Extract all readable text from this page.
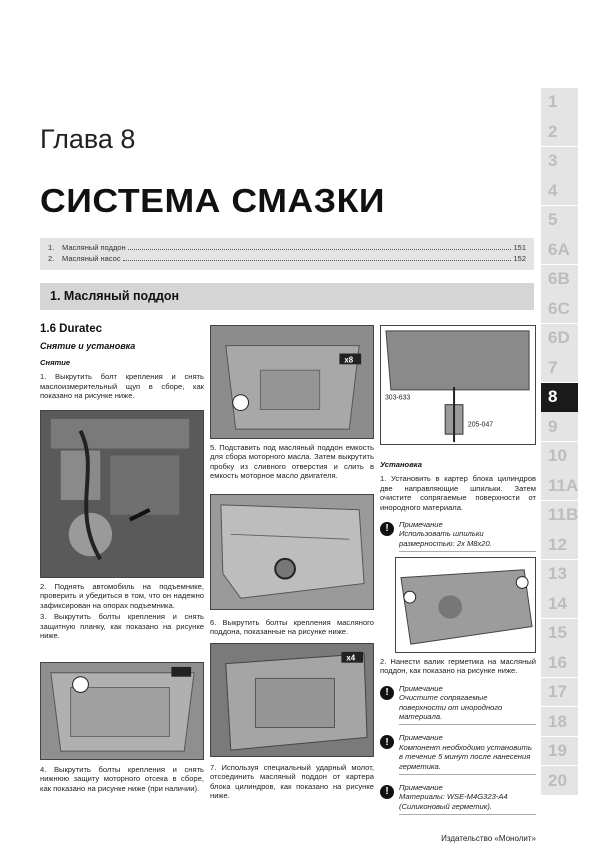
Глава 8
СИСТЕМА СМАЗКИ
1.	Масляный поддон	151
2.	Масляный насос	152
1. Масляный поддон
1.6 Duratec
Снятие и установка
Снятие
1. Выкрутить болт крепления и снять маслоизмерительный щуп в сборе, как показано на рисунке ниже.
2. Поднять автомобиль на подъемнике, проверить и убедиться в том, что он надежно зафиксирован на опорах подъемника.
3. Выкрутить болты крепления и снять защитную планку, как показано на рисунке ниже.
4. Выкрутить болты крепления и снять нижнюю защиту моторного отсека в сборе, как показано на рисунке ниже (при наличии).
x8
5. Подставить под масляный поддон емкость для сбора моторного масла. Затем выкрутить пробку из сливного отверстия и слить в емкость моторное масло двигателя.
6. Выкрутить болты крепления масляного поддона, показанные на рисунке ниже.
x4
7. Используя специальный ударный молот, отсоединить масляный поддон от картера блока цилиндров, как показано на рисунке ниже.
303-633
205-047
Установка
1. Установить в картер блока цилиндров две направляющие шпильки. Затем очистите сопрягаемые поверхности от инородного материала.
!	Примечание
Использовать шпильки размерностью: 2x M8x20.
2. Нанести валик герметика на масляный поддон, как показано на рисунке ниже.
!	Примечание
Очистите сопрягаемые поверхности от инородного материала.
!	Примечание
Компонент необходимо установить в течение 5 минут после нанесения герметика.
!	Примечание
Материалы: WSE-M4G323-A4 (Силиконовый герметик).
1
2
3
4
5
6A
6B
6C
6D
7
8
9
10
11A
11B
12
13
14
15
16
17
18
19
20
Издательство «Монолит»
